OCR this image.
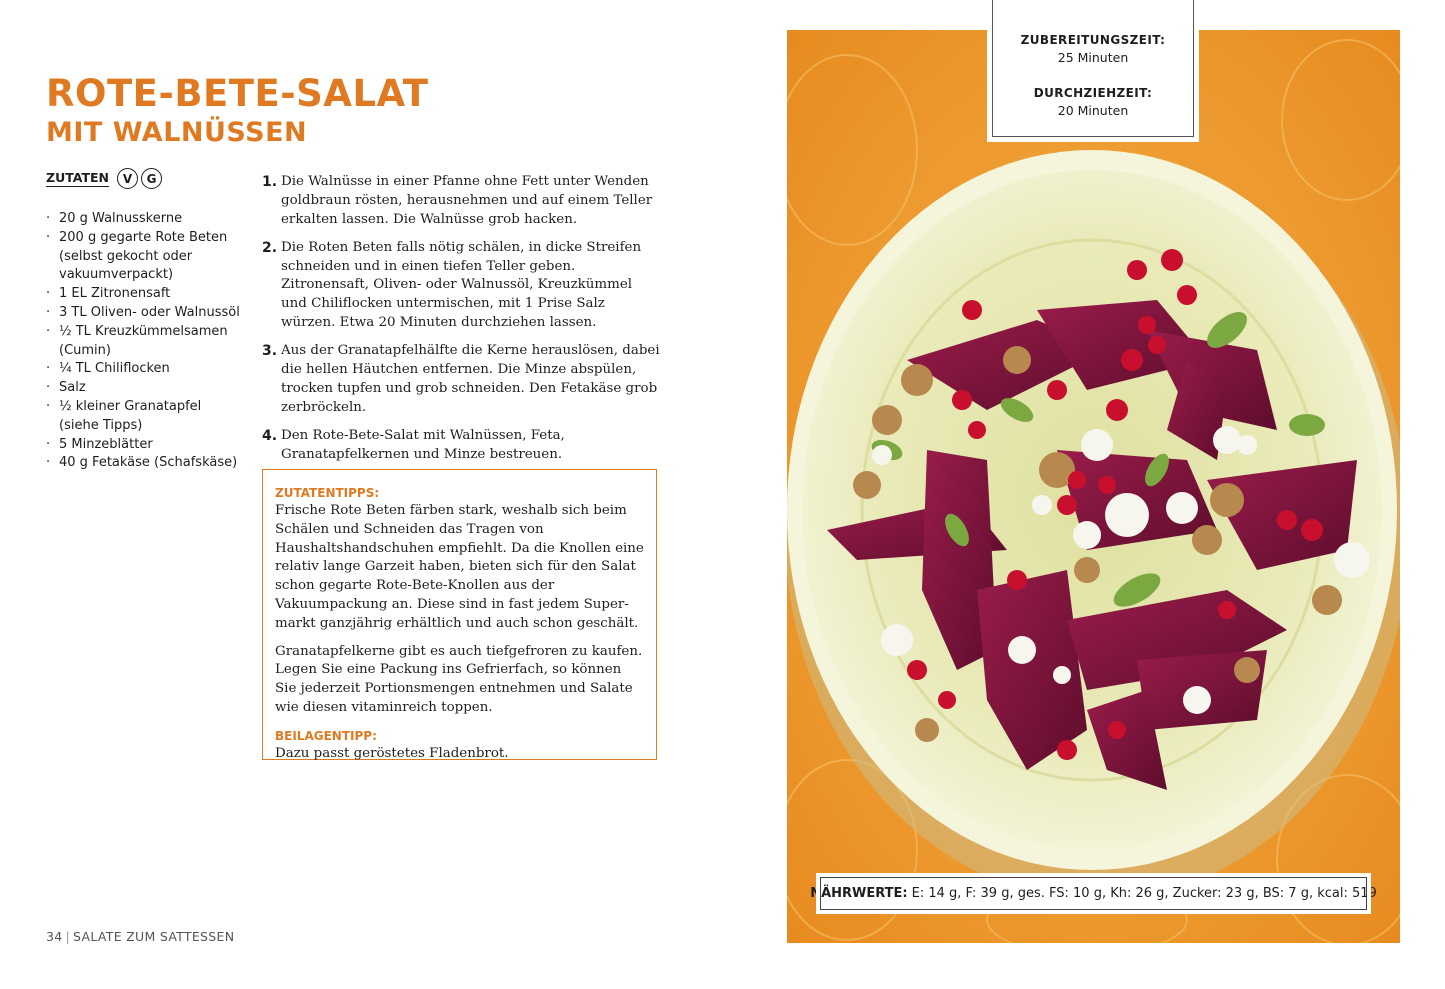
ROTE-BETE-SALAT
MIT WALNÜSSEN
ZUTATEN	V	G
· 20 g Walnusskerne
· 200 g gegarte Rote Beten (selbst gekocht oder vakuumverpackt)
· 1 EL Zitronensaft
· 3 TL Oliven- oder Walnussöl
· ½ TL Kreuzkümmelsamen (Cumin)
· ¼ TL Chiliflocken
· Salz
· ½ kleiner Granatapfel (siehe Tipps)
· 5 Minzeblätter
· 40 g Fetakäse (Schafskäse)
1. Die Walnüsse in einer Pfanne ohne Fett unter Wenden goldbraun rösten, herausnehmen und auf einem Teller erkalten lassen. Die Walnüsse grob hacken.
2. Die Roten Beten falls nötig schälen, in dicke Streifen schneiden und in einen tiefen Teller geben. Zitronensaft, Oliven- oder Walnussöl, Kreuzkümmel und Chiliflocken untermischen, mit 1 Prise Salz würzen. Etwa 20 Minuten durchziehen lassen.
3. Aus der Granatapfelhälfte die Kerne herauslösen, dabei die hellen Häutchen entfernen. Die Minze abspülen, trocken tupfen und grob schneiden. Den Fetakäse grob zerbröckeln.
4. Den Rote-Bete-Salat mit Walnüssen, Feta, Granatapfelkernen und Minze bestreuen.
ZUTATENTIPPS:

Frische Rote Beten färben stark, weshalb sich beim Schälen und Schneiden das Tragen von Haushaltshandschuhen empfiehlt. Da die Knollen eine relativ lange Garzeit haben, bieten sich für den Salat schon gegarte Rote-Bete-Knollen aus der Vakuumpackung an. Diese sind in fast jedem Supermarkt ganzjährig erhältlich und auch schon geschält.

Granatapfelkerne gibt es auch tiefgefroren zu kaufen. Legen Sie eine Packung ins Gefrierfach, so können Sie jederzeit Portionsmengen entnehmen und Salate wie diesen vitaminreich toppen.

BEILAGENTIPP:

Dazu passt geröstetes Fladenbrot.

34 | SALATE ZUM SATTESSEN
ZUBEREITUNGSZEIT:
25 Minuten
DURCHZIEHZEIT:
20 Minuten
NÄHRWERTE: E: 14 g, F: 39 g, ges. FS: 10 g, Kh: 26 g, Zucker: 23 g, BS: 7 g, kcal: 519
